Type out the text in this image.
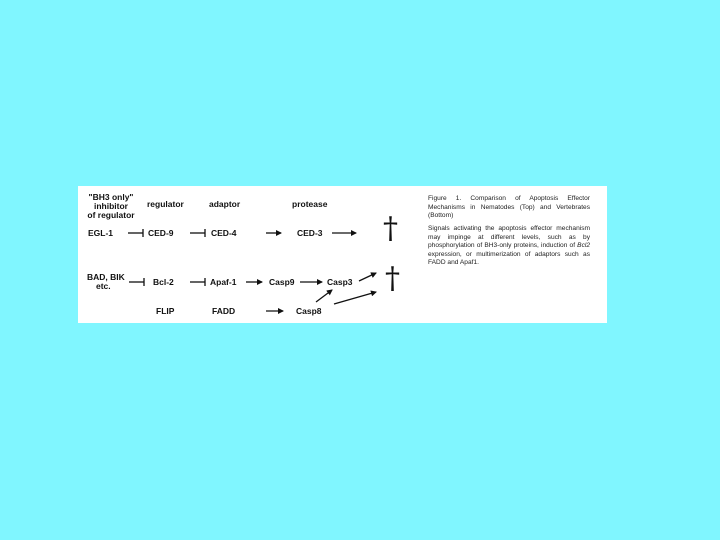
"BH3 only"
inhibitor
of regulator
regulator	adaptor	protease
EGL-1	CED-9	CED-4	CED-3
BAD, BIK
etc.	Bcl-2	Apaf-1	Casp9	Casp3
FLIP	FADD	Casp8
†
†
Figure 1. Comparison of Apoptosis Effector Mechanisms in Nematodes (Top) and Vertebrates (Bottom)
Signals activating the apoptosis effector mechanism may impinge at different levels, such as by phosphorylation of BH3-only proteins, induction of Bcl2 expression, or multimerization of adaptors such as FADD and Apaf1.
